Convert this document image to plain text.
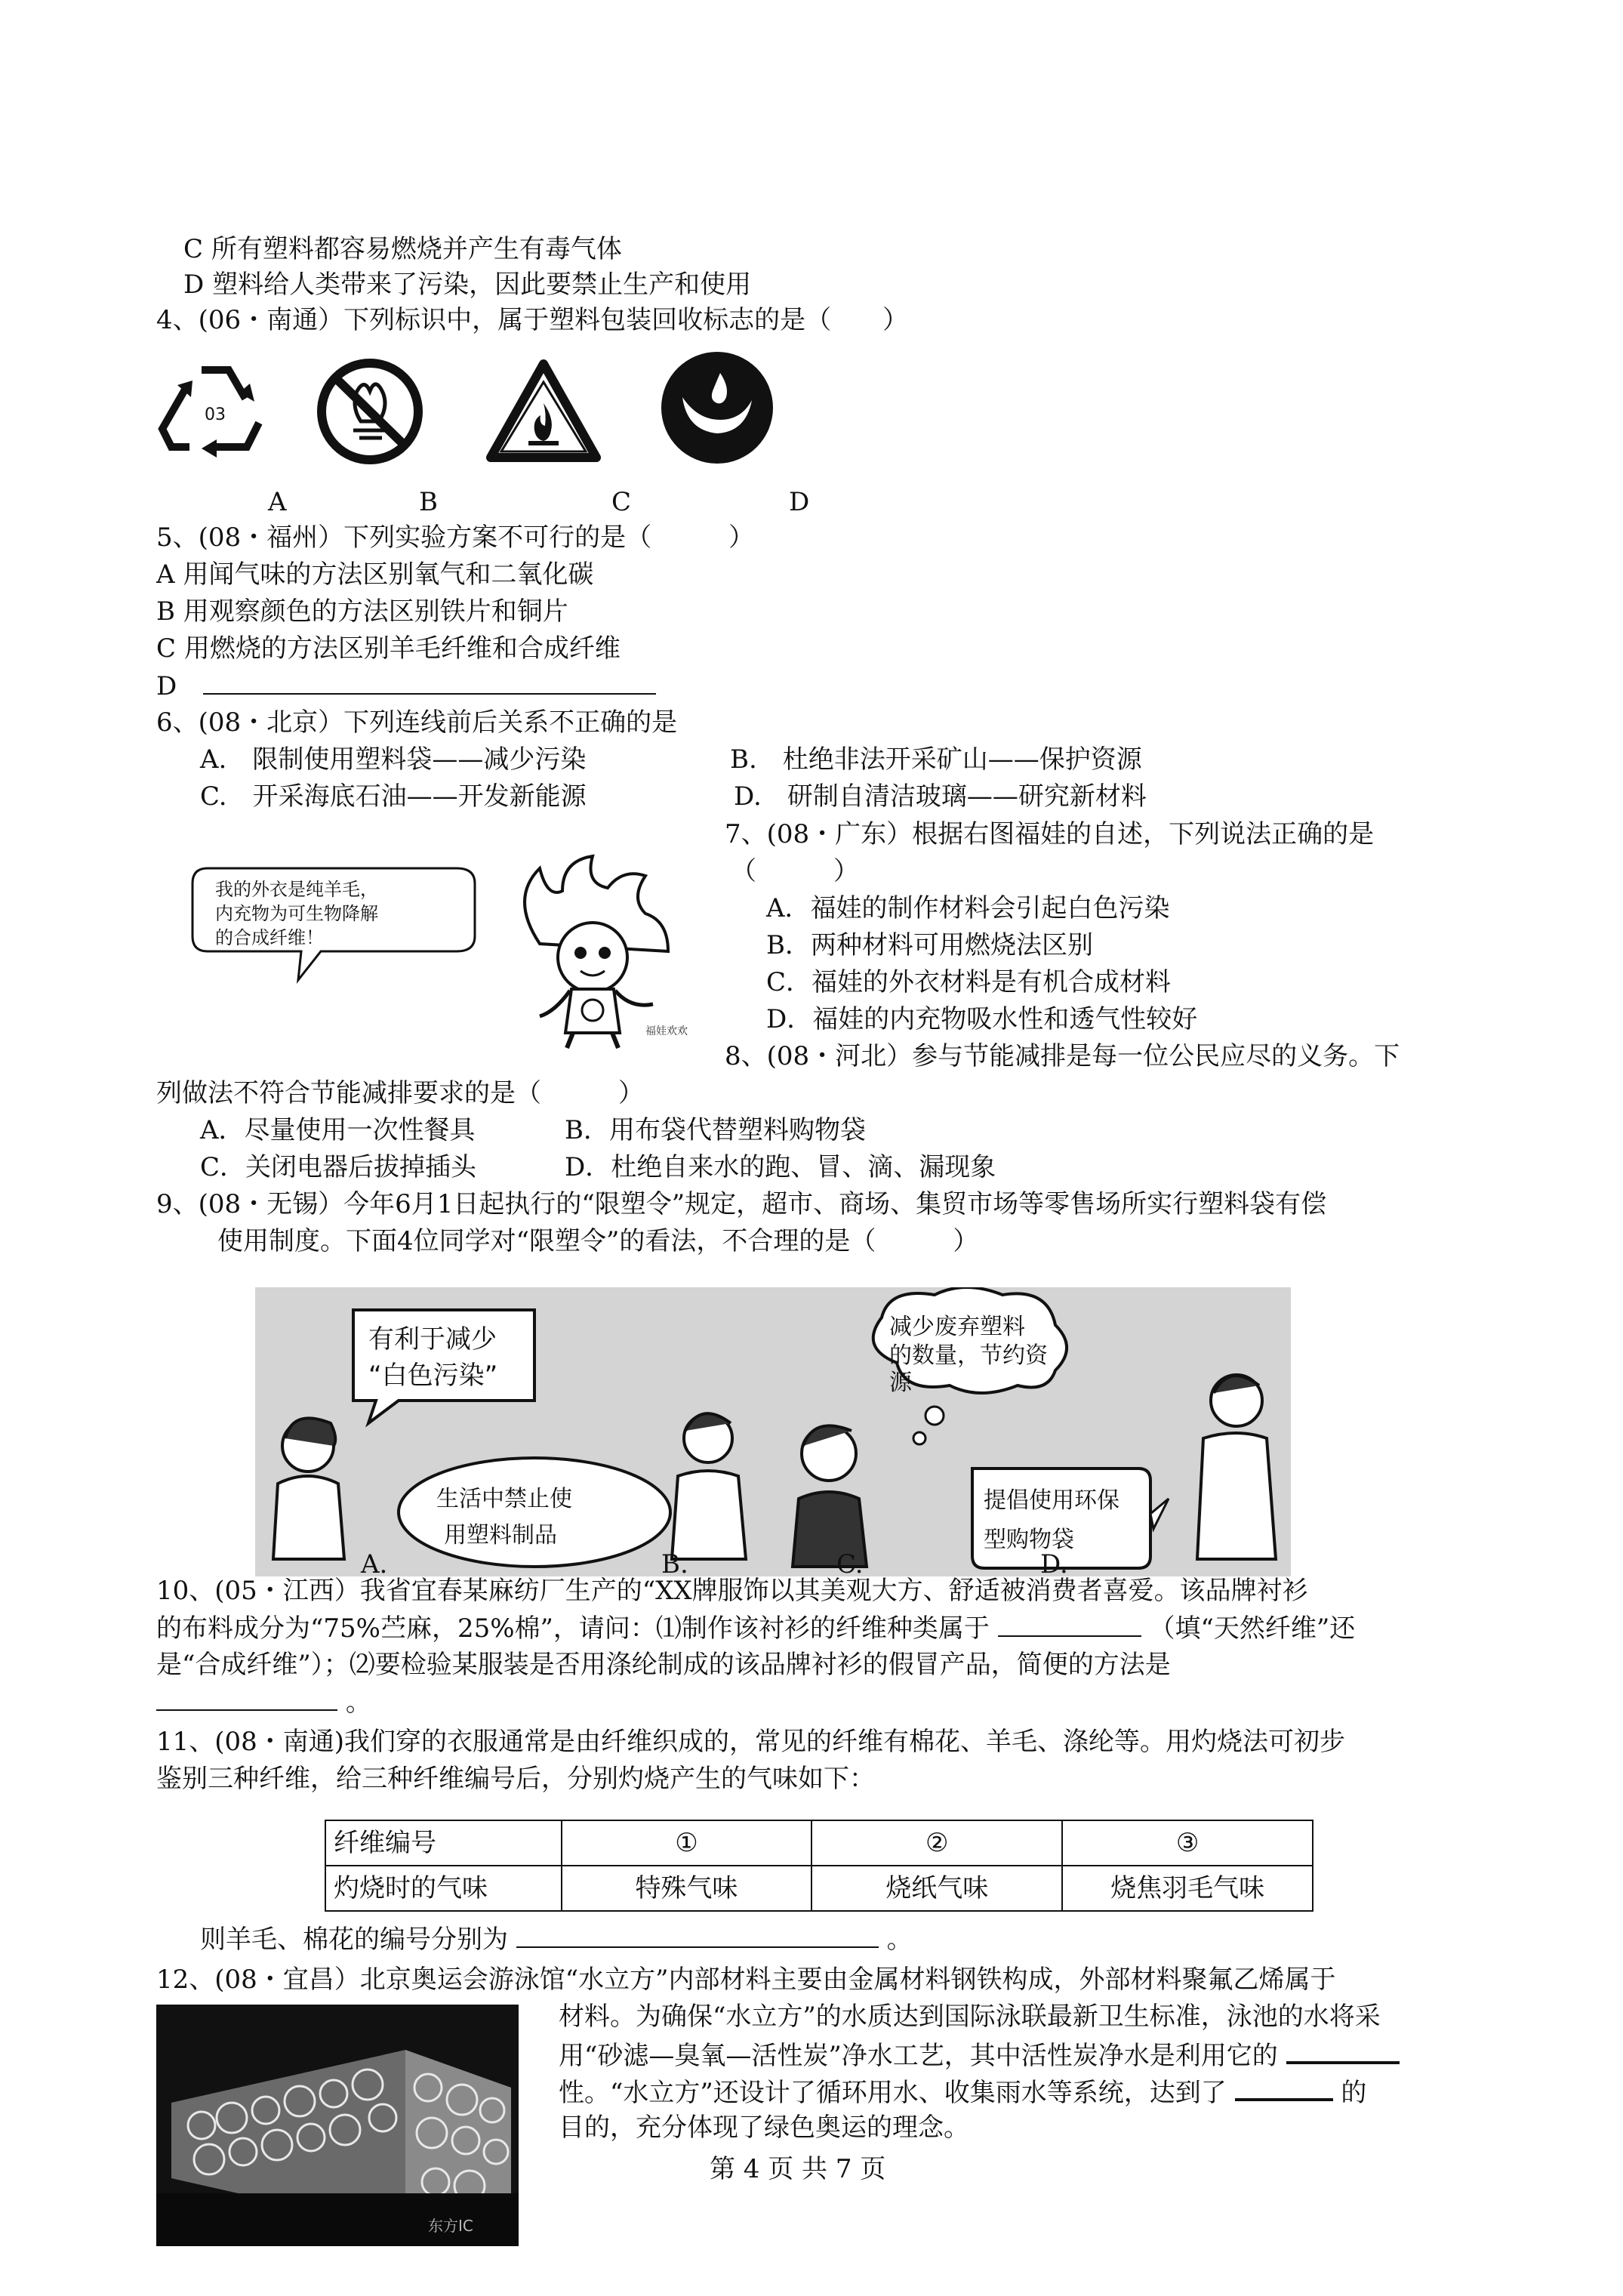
C 所有塑料都容易燃烧并产生有毒气体
D 塑料给人类带来了污染，因此要禁止生产和使用
4、(06・南通）下列标识中，属于塑料包装回收标志的是（　　）
03
A	B	C	D
5、(08・福州）下列实验方案不可行的是（　　　）
A 用闻气味的方法区别氧气和二氧化碳
B 用观察颜色的方法区别铁片和铜片
C 用燃烧的方法区别羊毛纤维和合成纤维
D
6、(08・北京）下列连线前后关系不正确的是
A.　限制使用塑料袋——减少污染	B.　杜绝非法开采矿山——保护资源
C.　开采海底石油——开发新能源	D.　研制自清洁玻璃——研究新材料
我的外衣是纯羊毛，
内充物为可生物降解
的合成纤维！
福娃欢欢
7、(08・广东）根据右图福娃的自述，下列说法正确的是
（　　　）
A．福娃的制作材料会引起白色污染
B．两种材料可用燃烧法区别
C．福娃的外衣材料是有机合成材料
D．福娃的内充物吸水性和透气性较好
8、(08・河北）参与节能减排是每一位公民应尽的义务。下
列做法不符合节能减排要求的是（　　　）
A．尽量使用一次性餐具	B．用布袋代替塑料购物袋
C．关闭电器后拔掉插头	D．杜绝自来水的跑、冒、滴、漏现象
9、(08・无锡）今年6月1日起执行的“限塑令”规定，超市、商场、集贸市场等零售场所实行塑料袋有偿
使用制度。下面4位同学对“限塑令”的看法，不合理的是（　　　）
有利于减少
“白色污染”
生活中禁止使
用塑料制品
减少废弃塑料
的数量，节约资
源
提倡使用环保
型购物袋
A.	B.	C.	D.
10、(05・江西）我省宜春某麻纺厂生产的“XX牌服饰以其美观大方、舒适被消费者喜爱。该品牌衬衫
的布料成分为“75%苎麻，25%棉”，请问：⑴制作该衬衫的纤维种类属于	（填“天然纤维”还
是“合成纤维”）；⑵要检验某服装是否用涤纶制成的该品牌衬衫的假冒产品，简便的方法是
。
11、(08・南通)我们穿的衣服通常是由纤维织成的，常见的纤维有棉花、羊毛、涤纶等。用灼烧法可初步
鉴别三种纤维，给三种纤维编号后，分别灼烧产生的气味如下：
纤维编号	①	②	③
灼烧时的气味	特殊气味	烧纸气味	烧焦羽毛气味
则羊毛、棉花的编号分别为	。
12、(08・宜昌）北京奥运会游泳馆“水立方”内部材料主要由金属材料钢铁构成，外部材料聚氟乙烯属于
东方IC
材料。为确保“水立方”的水质达到国际泳联最新卫生标准，泳池的水将采
用“砂滤—臭氧—活性炭”净水工艺，其中活性炭净水是利用它的
性。“水立方”还设计了循环用水、收集雨水等系统，达到了	的
目的，充分体现了绿色奥运的理念。
第 4 页 共 7 页
